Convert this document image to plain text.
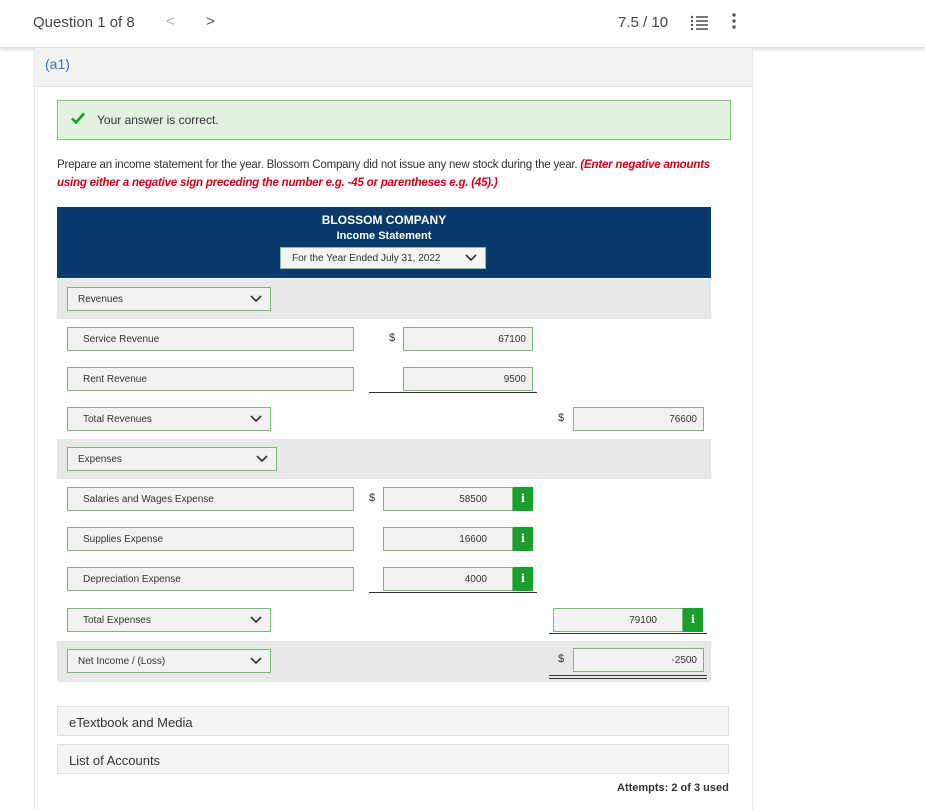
Question 1 of 8 < >	7.5 / 10
(a1)
Your answer is correct.
Prepare an income statement for the year. Blossom Company did not issue any new stock during the year. (Enter negative amounts using either a negative sign preceding the number e.g. -45 or parentheses e.g. (45).)
BLOSSOM COMPANY
Income Statement
For the Year Ended July 31, 2022
Revenues
Service Revenue	$	67100
Rent Revenue	9500
Total Revenues	$	76600
Expenses
Salaries and Wages Expense	$	58500	i
Supplies Expense	16600	i
Depreciation Expense	4000	i
Total Expenses	79100	i
Net Income / (Loss)	$	-2500
eTextbook and Media
List of Accounts
Attempts: 2 of 3 used
